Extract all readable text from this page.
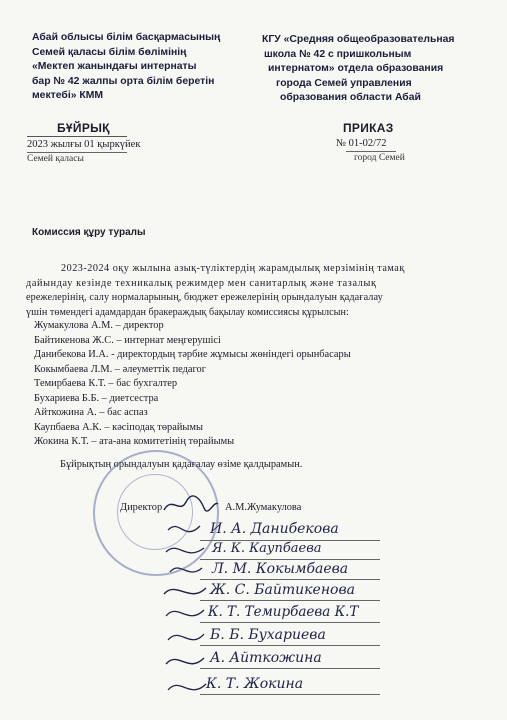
Абай облысы білім басқармасының
Семей қаласы білім бөлімінің
«Мектеп жанындағы интернаты
бар № 42 жалпы орта білім беретін
мектебі» КММ
КГУ «Средняя общеобразовательная
школа № 42 с пришкольным
интернатом» отдела образования
города Семей управления
образования области Абай
БҰЙРЫҚ
2023 жылғы 01 қыркүйек
Семей қаласы
ПРИКАЗ
№ 01-02/72
город Семей
Комиссия құру туралы
2023-2024 оқу жылына азық-түліктердің жарамдылық мерзімінің тамақ
дайындау кезінде техникалық режимдер мен санитарлық және тазалық
ережелерінің, салу нормаларының, бюджет ережелерінің орындалуын қадағалау
үшін төмендегі адамдардан бракераждық бақылау комиссиясы құрылсын:
Жумакулова А.М. – директор
Байтикенова Ж.С. – интернат меңгерушісі
Данибекова И.А. - директордың тәрбие жұмысы жөніндегі орынбасары
Кокымбаева Л.М. – әлеуметтік педагог
Темирбаева К.Т. – бас бухгалтер
Бухариева Б.Б. – диетсестра
Айткожина А. – бас аспаз
Каупбаева А.К. – кәсіподақ төрайымы
Жокина К.Т. – ата-ана комитетінің төрайымы
Бұйрықтың орындалуын қадағалау өзіме қалдырамын.
Директор	А.М.Жумакулова
И. А. Данибекова
Я. К. Каупбаева
Л. М. Кокымбаева
Ж. С. Байтикенова
К. Т. Темирбаева К.Т
Б. Б. Бухариева
А. Айткожина
К. Т. Жокина
